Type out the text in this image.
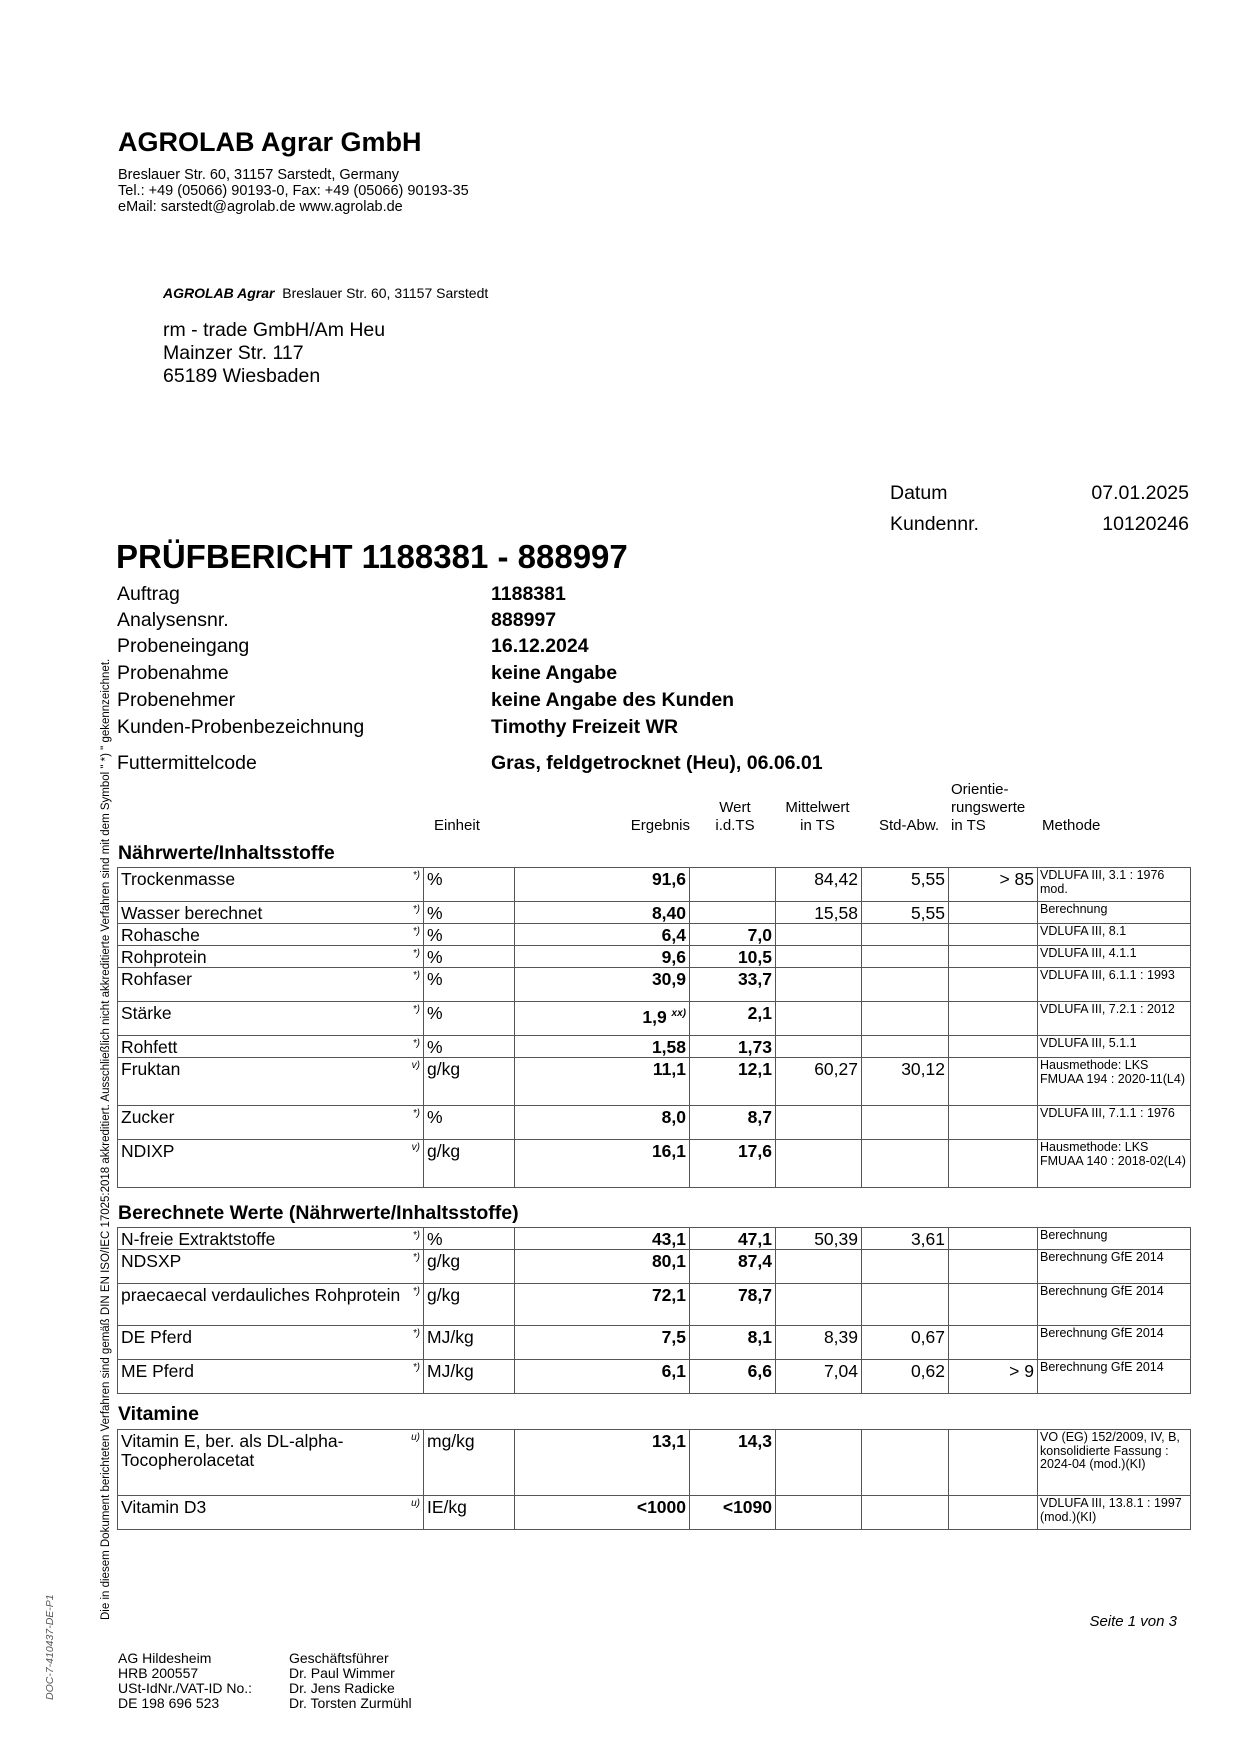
AGROLAB Agrar GmbH
Breslauer Str. 60, 31157 Sarstedt, Germany
Tel.: +49 (05066) 90193-0, Fax: +49 (05066) 90193-35
eMail: sarstedt@agrolab.de www.agrolab.de
AGROLAB Agrar Breslauer Str. 60, 31157 Sarstedt
rm - trade GmbH/Am Heu
Mainzer Str. 117
65189 Wiesbaden
Datum	07.01.2025
Kundennr.	10120246
PRÜFBERICHT 1188381 - 888997
Auftrag	1188381
Analysensnr.	888997
Probeneingang	16.12.2024
Probenahme	keine Angabe
Probenehmer	keine Angabe des Kunden
Kunden-Probenbezeichnung	Timothy Freizeit WR
Futtermittelcode	Gras, feldgetrocknet (Heu), 06.06.01
Einheit	Ergebnis
Wert
i.d.TS
Mittelwert
in TS	Std-Abw.
Orientie-
rungswerte
in TS	Methode
Nährwerte/Inhaltsstoffe
Trockenmasse *)	%	91,6		84,42	5,55	> 85	VDLUFA III, 3.1 : 1976 mod.
Wasser berechnet *)	%	8,40		15,58	5,55		Berechnung
Rohasche *)	%	6,4	7,0				VDLUFA III, 8.1
Rohprotein *)	%	9,6	10,5				VDLUFA III, 4.1.1
Rohfaser *)	%	30,9	33,7				VDLUFA III, 6.1.1 : 1993
Stärke *)	%	1,9 $^{xx)}$	2,1				VDLUFA III, 7.2.1 : 2012
Rohfett *)	%	1,58	1,73				VDLUFA III, 5.1.1
Fruktan v)	g/kg	11,1	12,1	60,27	30,12		Hausmethode: LKS FMUAA 194 : 2020-11(L4)
Zucker *)	%	8,0	8,7				VDLUFA III, 7.1.1 : 1976
NDIXP v)	g/kg	16,1	17,6				Hausmethode: LKS FMUAA 140 : 2018-02(L4)
Berechnete Werte (Nährwerte/Inhaltsstoffe)
N-freie Extraktstoffe *)	%	43,1	47,1	50,39	3,61		Berechnung
NDSXP *)	g/kg	80,1	87,4				Berechnung GfE 2014
praecaecal verdauliches Rohprotein *)	g/kg	72,1	78,7				Berechnung GfE 2014
DE Pferd *)	MJ/kg	7,5	8,1	8,39	0,67		Berechnung GfE 2014
ME Pferd *)	MJ/kg	6,1	6,6	7,04	0,62	> 9	Berechnung GfE 2014
Vitamine
Vitamin E, ber. als DL-alpha-Tocopherolacetat
u)	mg/kg	13,1	14,3				VO (EG) 152/2009, IV, B, konsolidierte Fassung : 2024-04 (mod.)(KI)
Vitamin D3 u)	IE/kg	<1000	<1090				VDLUFA III, 13.8.1 : 1997 (mod.)(KI)
Die in diesem Dokument berichteten Verfahren sind gemäß DIN EN ISO/IEC 17025:2018 akkreditiert. Ausschließlich nicht akkreditierte Verfahren sind mit dem Symbol " *) " gekennzeichnet.
DOC-7-410437-DE-P1	Seite 1 von 3
AG Hildesheim
HRB 200557
USt-IdNr./VAT-ID No.:
DE 198 696 523
Geschäftsführer
Dr. Paul Wimmer
Dr. Jens Radicke
Dr. Torsten Zurmühl
